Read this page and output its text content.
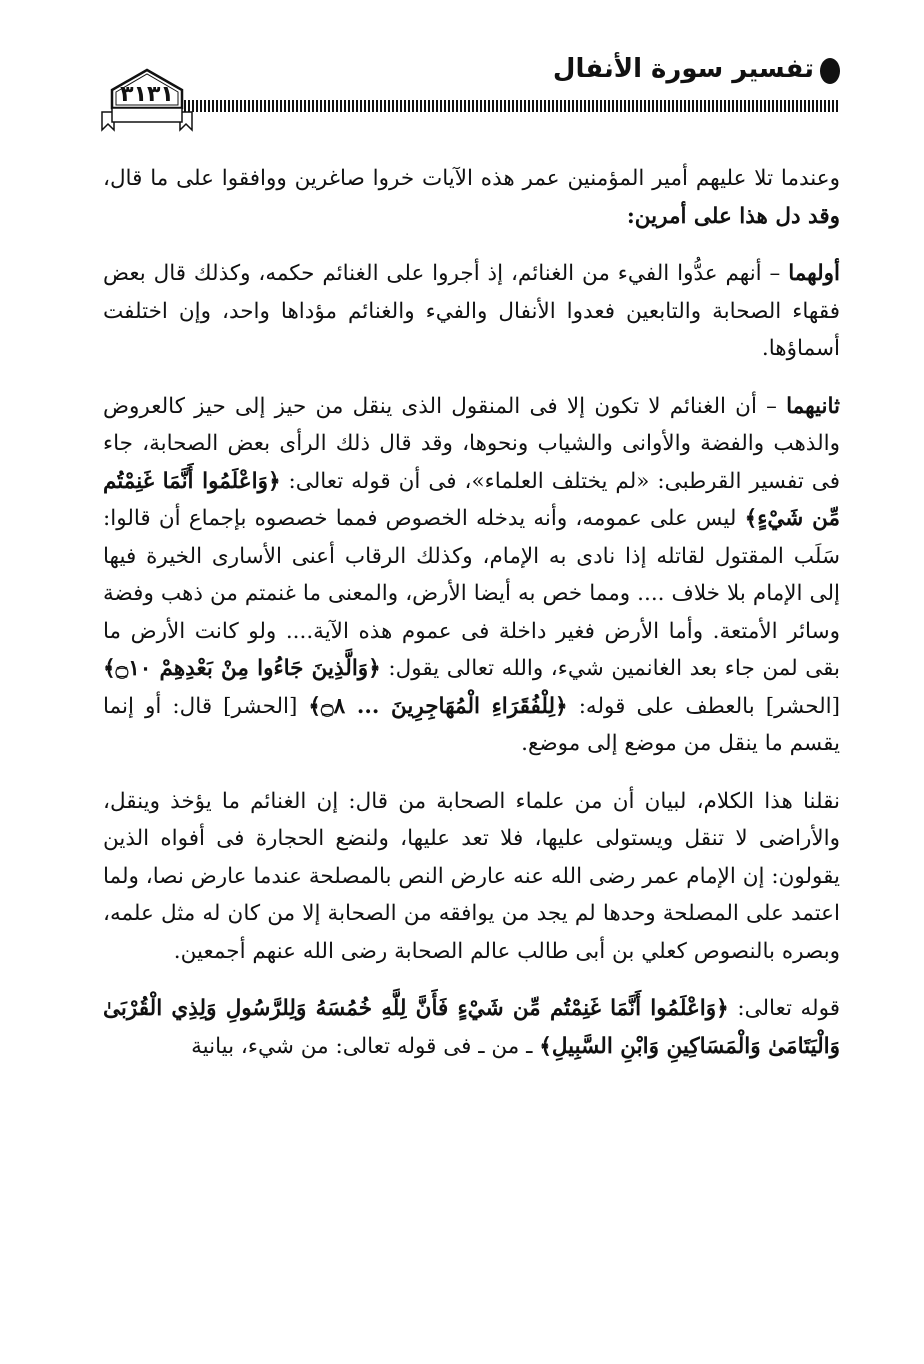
تفسير سورة الأنفال
٣١٣١

وعندما تلا عليهم أمير المؤمنين عمر هذه الآيات خروا صاغرين ووافقوا على ما قال، وقد دل هذا على أمرين:

أولهما – أنهم عدُّوا الفيء من الغنائم، إذ أجروا على الغنائم حكمه، وكذلك قال بعض فقهاء الصحابة والتابعين فعدوا الأنفال والفيء والغنائم مؤداها واحد، وإن اختلفت أسماؤها.

ثانيهما – أن الغنائم لا تكون إلا فى المنقول الذى ينقل من حيز إلى حيز كالعروض والذهب والفضة والأوانى والشياب ونحوها، وقد قال ذلك الرأى بعض الصحابة، جاء فى تفسير القرطبى: «لم يختلف العلماء»، فى أن قوله تعالى: ﴿وَاعْلَمُوا أَنَّمَا غَنِمْتُم مِّن شَيْءٍ﴾ ليس على عمومه، وأنه يدخله الخصوص فمما خصصوه بإجماع أن قالوا: سَلَب المقتول لقاتله إذا نادى به الإمام، وكذلك الرقاب أعنى الأسارى الخيرة فيها إلى الإمام بلا خلاف .... ومما خص به أيضا الأرض، والمعنى ما غنمتم من ذهب وفضة وسائر الأمتعة. وأما الأرض فغير داخلة فى عموم هذه الآية.... ولو كانت الأرض ما بقى لمن جاء بعد الغانمين شيء، والله تعالى يقول: ﴿وَالَّذِينَ جَاءُوا مِنْ بَعْدِهِمْ ۝١٠﴾ [الحشر] بالعطف على قوله: ﴿لِلْفُقَرَاءِ الْمُهَاجِرِينَ ... ۝٨﴾ [الحشر] قال: أو إنما يقسم ما ينقل من موضع إلى موضع.

نقلنا هذا الكلام، لبيان أن من علماء الصحابة من قال: إن الغنائم ما يؤخذ وينقل، والأراضى لا تنقل ويستولى عليها، فلا تعد عليها، ولنضع الحجارة فى أفواه الذين يقولون: إن الإمام عمر رضى الله عنه عارض النص بالمصلحة عندما عارض نصا، ولما اعتمد على المصلحة وحدها لم يجد من يوافقه من الصحابة إلا من كان له مثل علمه، وبصره بالنصوص كعلي بن أبى طالب عالم الصحابة رضى الله عنهم أجمعين.

قوله تعالى: ﴿وَاعْلَمُوا أَنَّمَا غَنِمْتُم مِّن شَيْءٍ فَأَنَّ لِلَّهِ خُمُسَهُ وَلِلرَّسُولِ وَلِذِي الْقُرْبَىٰ وَالْيَتَامَىٰ وَالْمَسَاكِينِ وَابْنِ السَّبِيلِ﴾ ـ من ـ فى قوله تعالى: من شيء، بيانية
